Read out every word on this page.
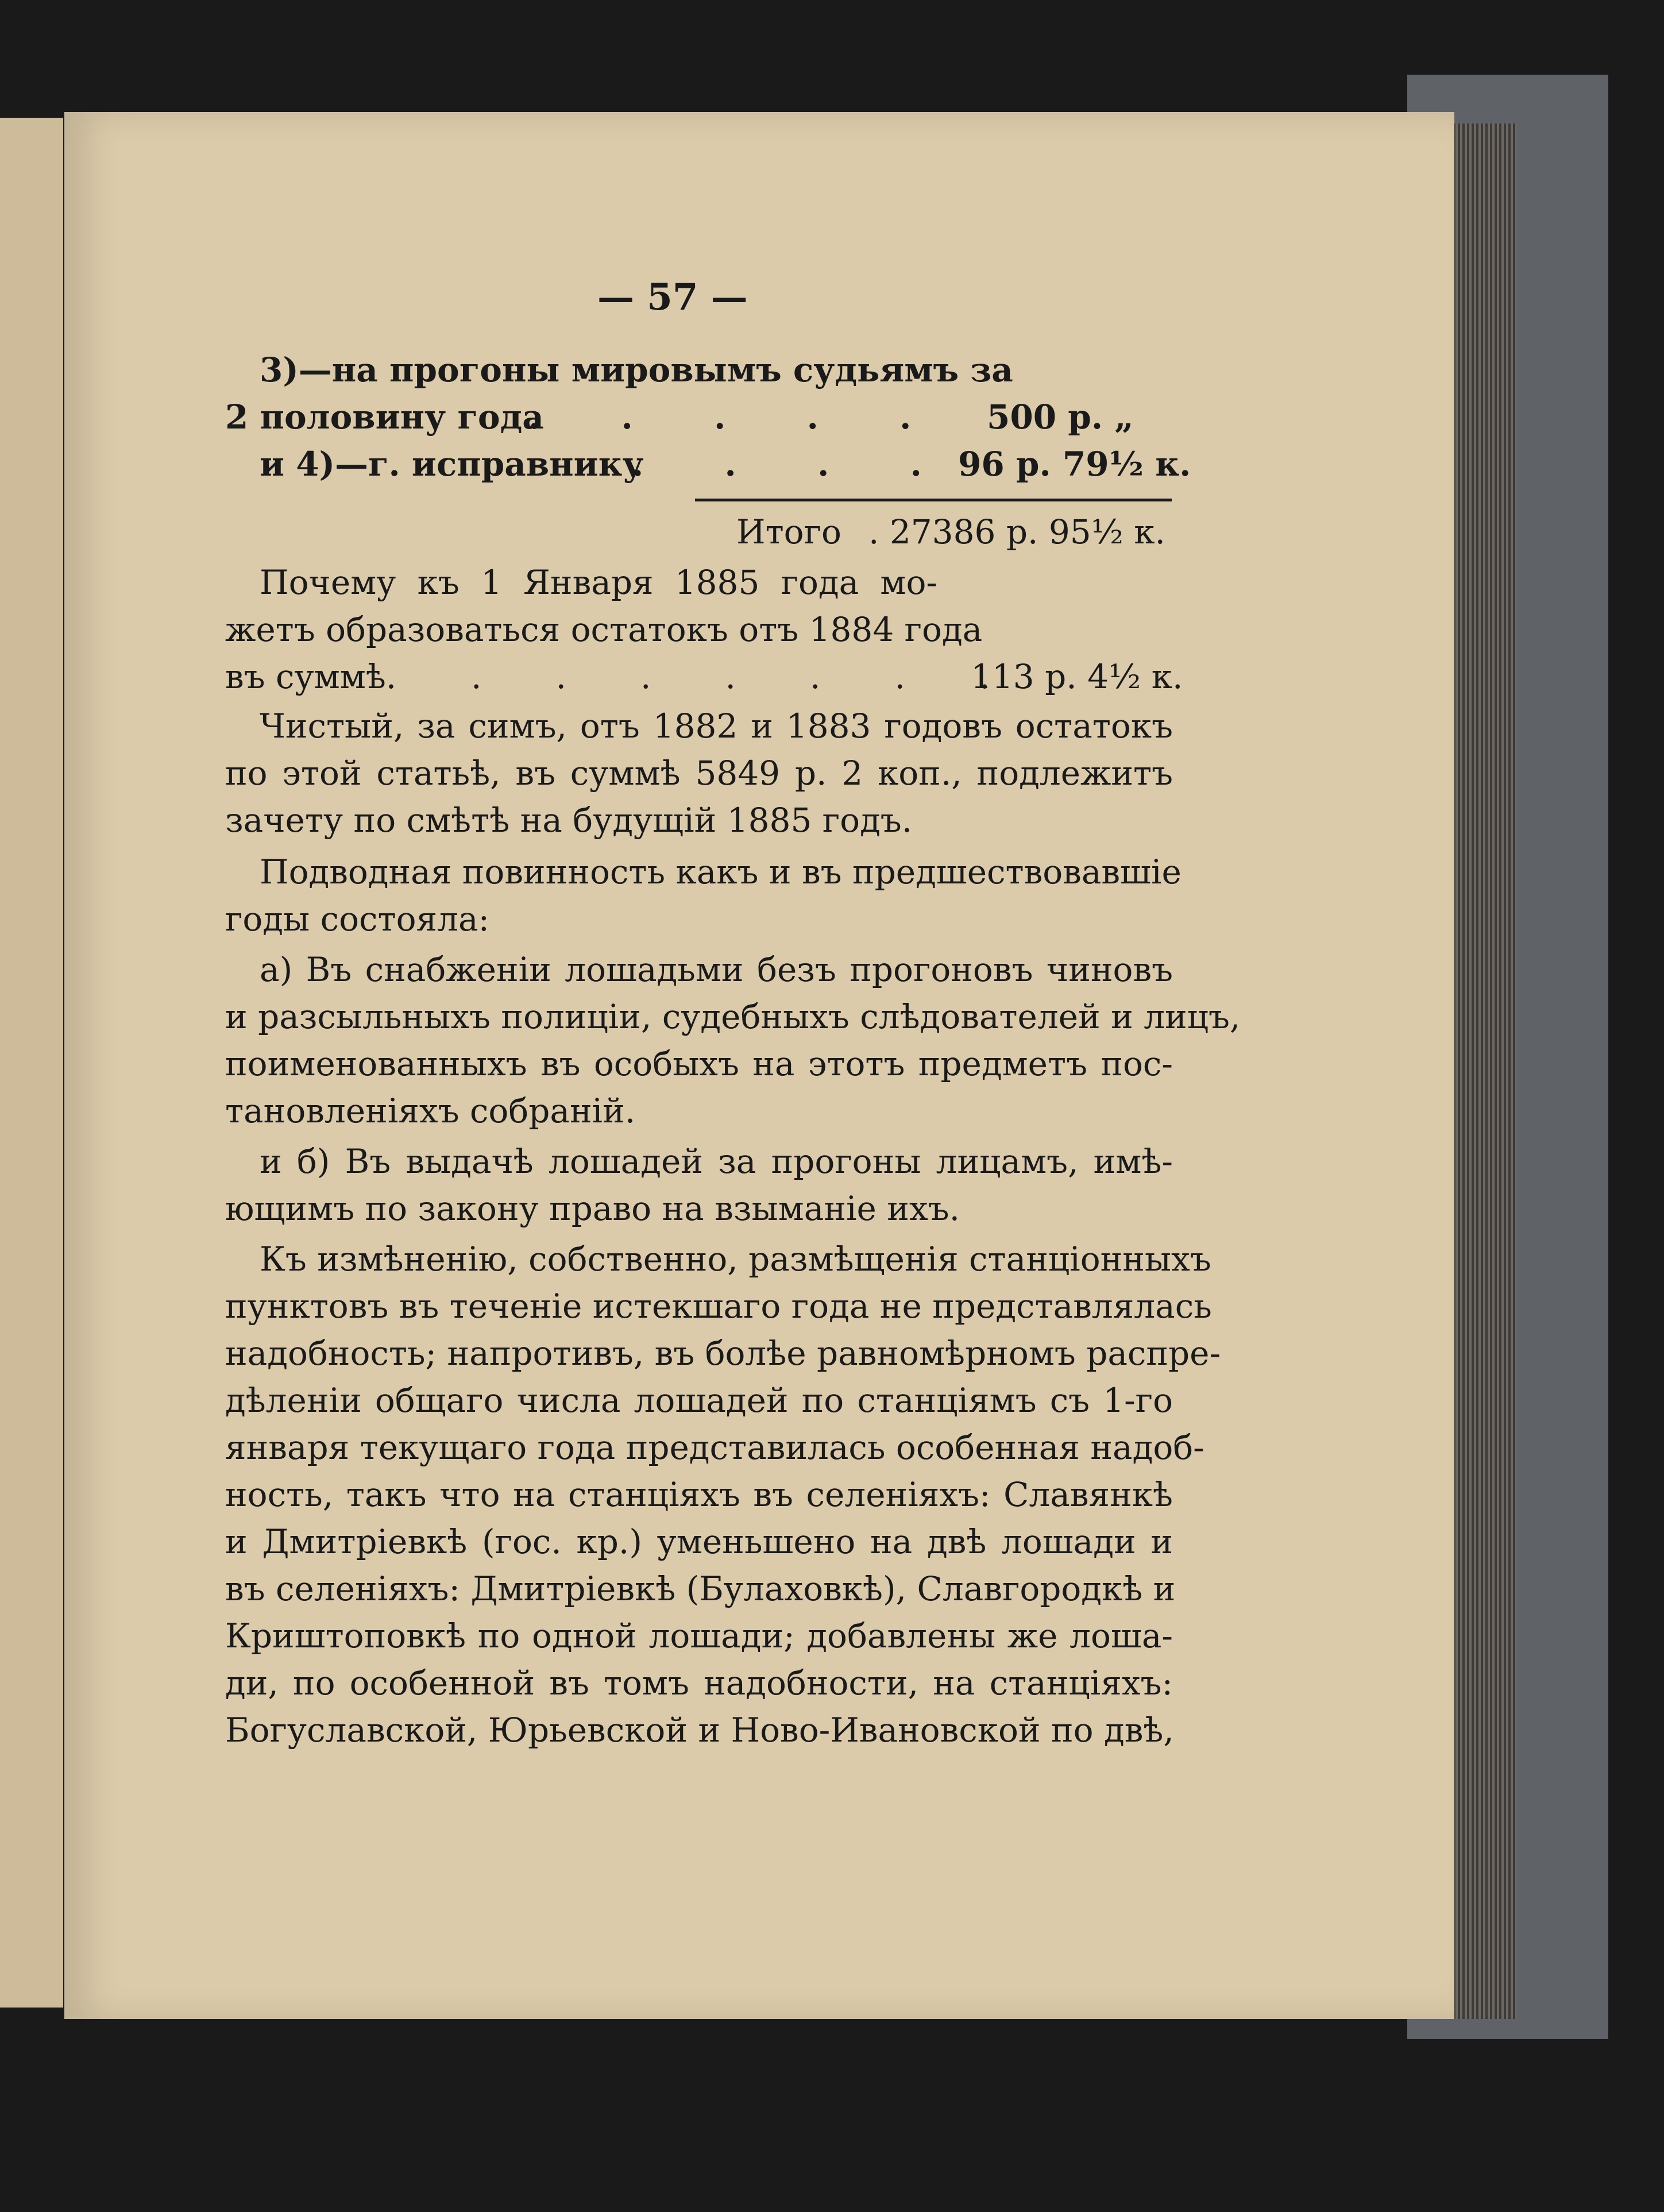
— 57 —
3)—на прогоны мировымъ судьямъ за
2 половину года
.       .       .       .       . 500 р. „
и 4)—г. исправнику
.       .       .       . 96 р. 79½ к.
Итого . 27386 р. 95½ к.
Почему къ 1 Января 1885 года мо-
жетъ образоваться остатокъ отъ 1884 года
въ суммѣ.	.       .       .       .       .       .       .
113 р. 4½ к.
Чистый, за симъ, отъ 1882 и 1883 годовъ остатокъ
по этой статьѣ, въ суммѣ 5849 р. 2 коп., подлежитъ
зачету по смѣтѣ на будущій 1885 годъ.
Подводная повинность какъ и въ предшествовавшіе
годы состояла:
а) Въ снабженіи лошадьми безъ прогоновъ чиновъ
и разсыльныхъ полиціи, судебныхъ слѣдователей и лицъ,
поименованныхъ въ особыхъ на этотъ предметъ пос-
тановленіяхъ собраній.
и б) Въ выдачѣ лошадей за прогоны лицамъ, имѣ-
ющимъ по закону право на взыманіе ихъ.
Къ измѣненію, собственно, размѣщенія станціонныхъ
пунктовъ въ теченіе истекшаго года не представлялась
надобность; напротивъ, въ болѣе равномѣрномъ распре-
дѣленіи общаго числа лошадей по станціямъ съ 1-го
января текущаго года представилась особенная надоб-
ность, такъ что на станціяхъ въ селеніяхъ: Славянкѣ
и Дмитріевкѣ (гос. кр.) уменьшено на двѣ лошади и
въ селеніяхъ: Дмитріевкѣ (Булаховкѣ), Славгородкѣ и
Криштоповкѣ по одной лошади; добавлены же лоша-
ди, по особенной въ томъ надобности, на станціяхъ:
Богуславской, Юрьевской и Ново-Ивановской по двѣ,
